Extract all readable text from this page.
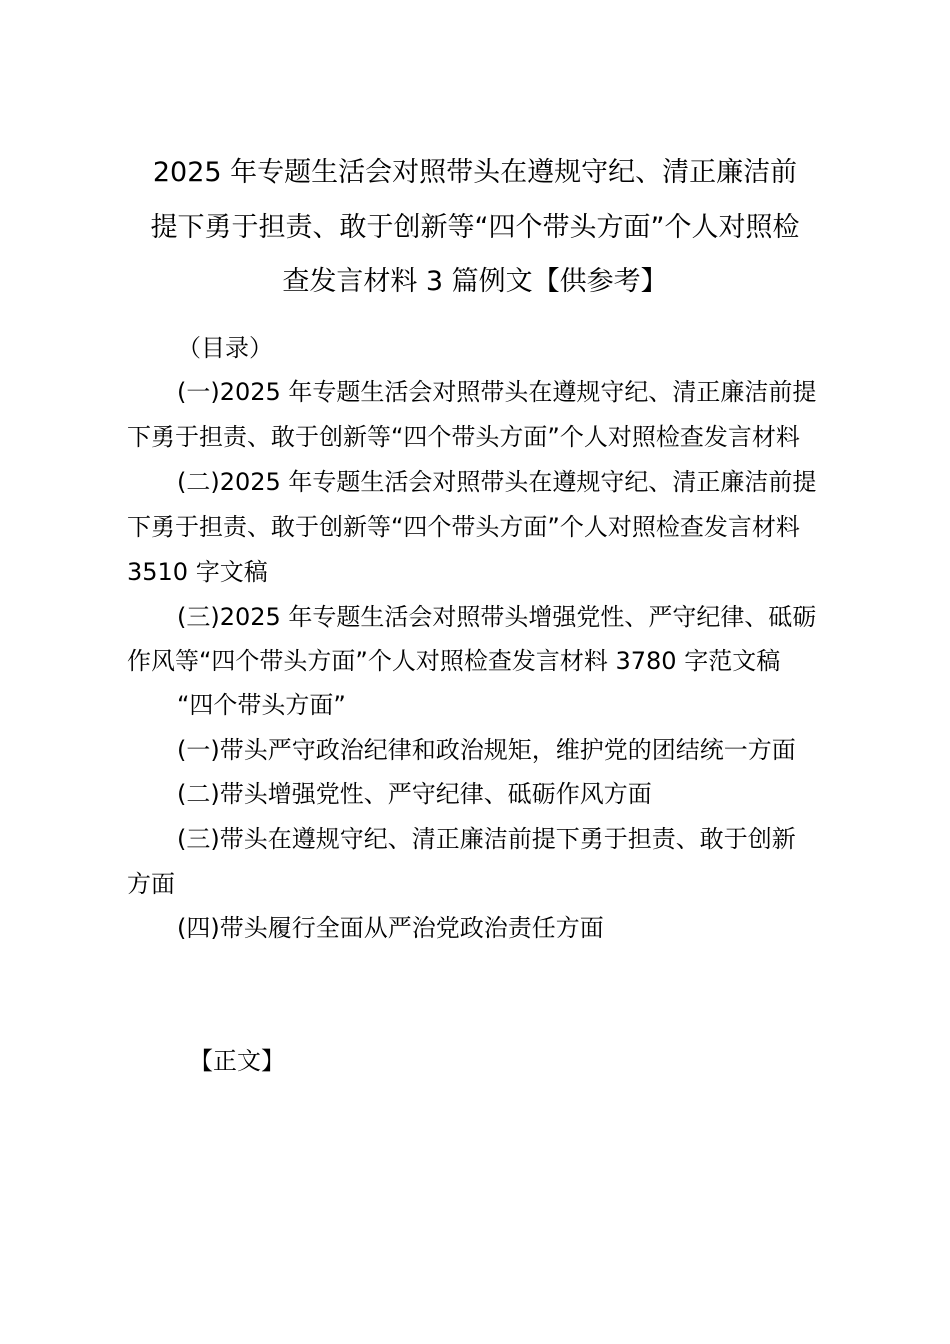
2025 年专题生活会对照带头在遵规守纪、清正廉洁前
提下勇于担责、敢于创新等“四个带头方面”个人对照检
查发言材料 3 篇例文【供参考】
（目录）
(一)2025 年专题生活会对照带头在遵规守纪、清正廉洁前提
下勇于担责、敢于创新等“四个带头方面”个人对照检查发言材料
(二)2025 年专题生活会对照带头在遵规守纪、清正廉洁前提
下勇于担责、敢于创新等“四个带头方面”个人对照检查发言材料
3510 字文稿
(三)2025 年专题生活会对照带头增强党性、严守纪律、砥砺
作风等“四个带头方面”个人对照检查发言材料 3780 字范文稿
“四个带头方面”
(一)带头严守政治纪律和政治规矩，维护党的团结统一方面
(二)带头增强党性、严守纪律、砥砺作风方面
(三)带头在遵规守纪、清正廉洁前提下勇于担责、敢于创新
方面
(四)带头履行全面从严治党政治责任方面
【正文】
